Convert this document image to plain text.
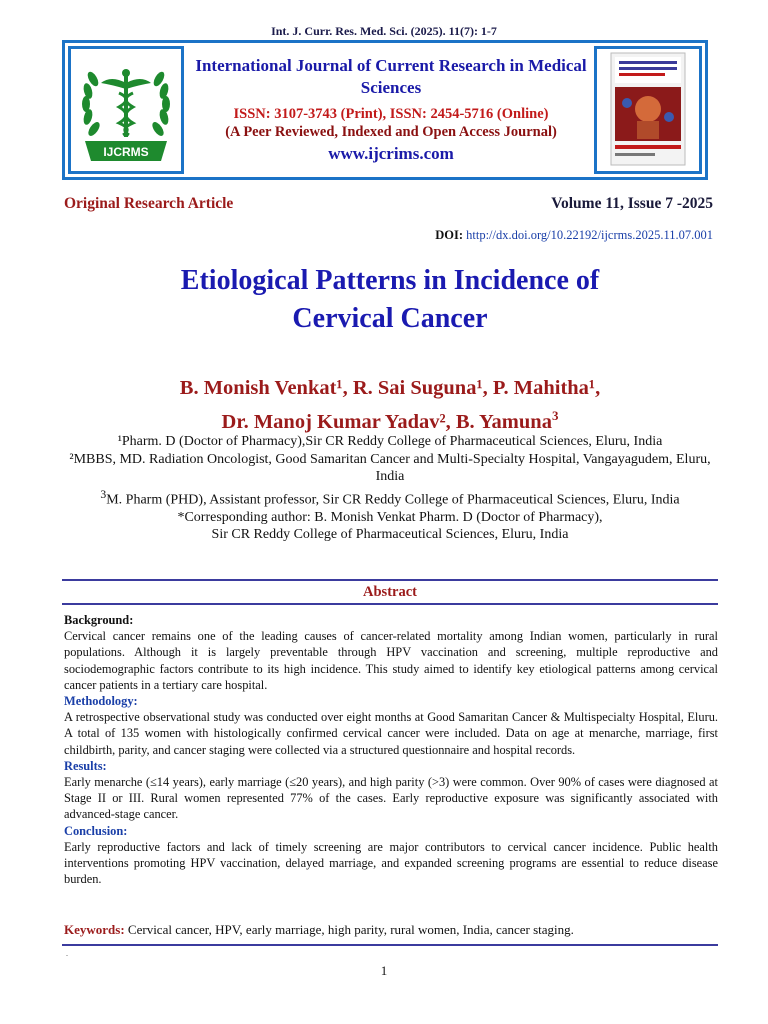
Int. J. Curr. Res. Med. Sci. (2025). 11(7): 1-7
IJCRMS
International Journal of Current Research in Medical Sciences
ISSN: 3107-3743 (Print), ISSN: 2454-5716 (Online)
(A Peer Reviewed, Indexed and Open Access Journal)
www.ijcrims.com
Original Research Article	Volume 11, Issue 7 -2025
DOI: http://dx.doi.org/10.22192/ijcrms.2025.11.07.001
Etiological Patterns in Incidence of
Cervical Cancer
B. Monish Venkat¹, R. Sai Suguna¹, P. Mahitha¹,
Dr. Manoj Kumar Yadav², B. Yamuna$^3$
¹Pharm. D (Doctor of Pharmacy),Sir CR Reddy College of Pharmaceutical Sciences, Eluru, India
²MBBS, MD. Radiation Oncologist, Good Samaritan Cancer and Multi-Specialty Hospital, Vangayagudem, Eluru, India
$^3$M. Pharm (PHD), Assistant professor, Sir CR Reddy College of Pharmaceutical Sciences, Eluru, India
*Corresponding author: B. Monish Venkat Pharm. D (Doctor of Pharmacy),
Sir CR Reddy College of Pharmaceutical Sciences, Eluru, India
Abstract
Background:
Cervical cancer remains one of the leading causes of cancer-related mortality among Indian women, particularly in rural populations. Although it is largely preventable through HPV vaccination and screening, multiple reproductive and sociodemographic factors contribute to its high incidence. This study aimed to identify key etiological patterns among cervical cancer patients in a tertiary care hospital.
Methodology:
A retrospective observational study was conducted over eight months at Good Samaritan Cancer & Multispecialty Hospital, Eluru. A total of 135 women with histologically confirmed cervical cancer were included. Data on age at menarche, marriage, first childbirth, parity, and cancer staging were collected via a structured questionnaire and hospital records.
Results:
Early menarche (≤14 years), early marriage (≤20 years), and high parity (>3) were common. Over 90% of cases were diagnosed at Stage II or III. Rural women represented 77% of the cases. Early reproductive exposure was significantly associated with advanced-stage cancer.
Conclusion:
Early reproductive factors and lack of timely screening are major contributors to cervical cancer incidence. Public health interventions promoting HPV vaccination, delayed marriage, and expanded screening programs are essential to reduce disease burden.
Keywords: Cervical cancer, HPV, early marriage, high parity, rural women, India, cancer staging.
.
1
